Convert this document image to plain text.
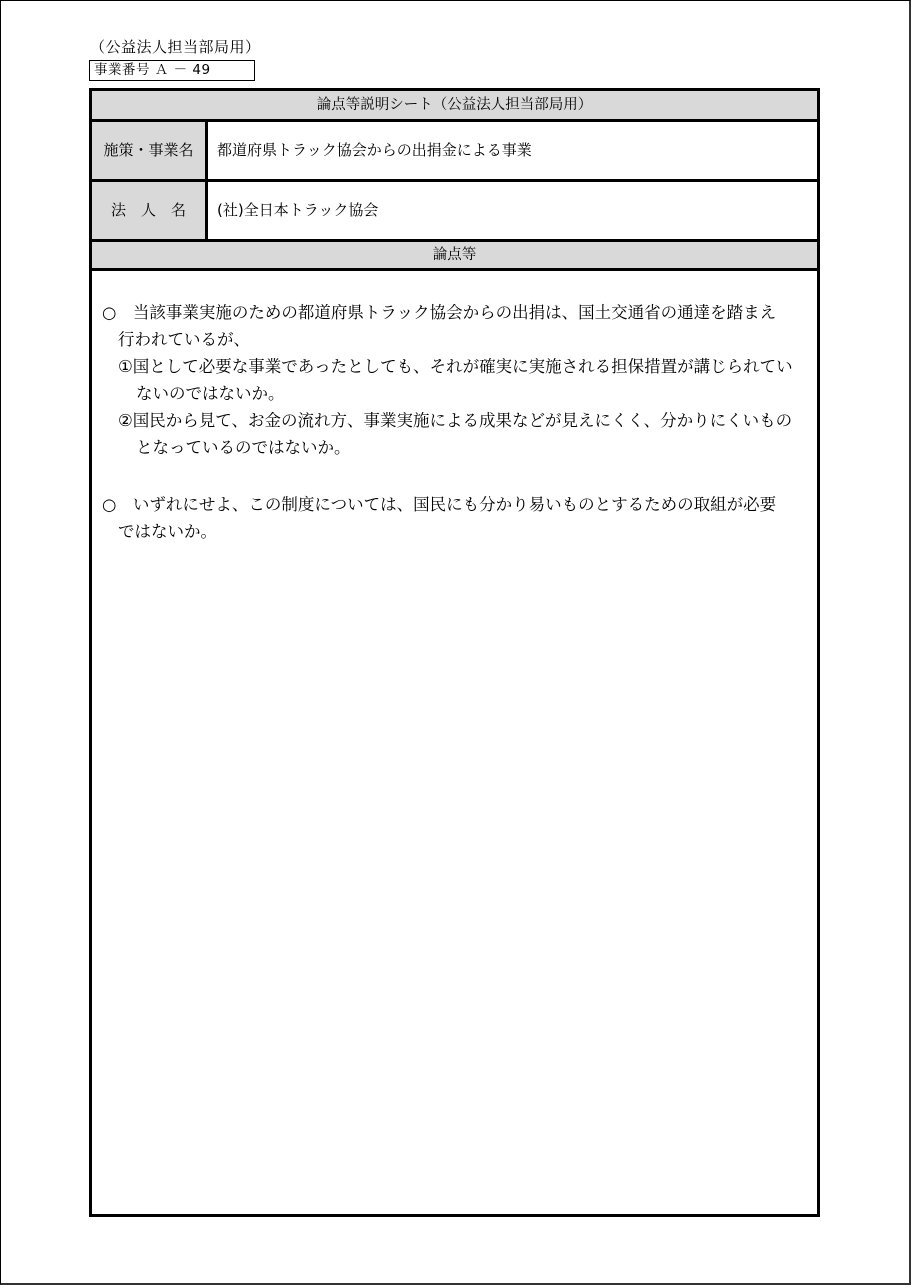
（公益法人担当部局用）
事業番号 Ａ － 49
論点等説明シート（公益法人担当部局用）
施策・事業名	都道府県トラック協会からの出捐金による事業
法　人　名	(社)全日本トラック協会
論点等
○　当該事業実施のための都道府県トラック協会からの出捐は、国土交通省の通達を踏まえ
行われているが、
①国として必要な事業であったとしても、それが確実に実施される担保措置が講じられてい
ないのではないか。
②国民から見て、お金の流れ方、事業実施による成果などが見えにくく、分かりにくいもの
となっているのではないか。
○　いずれにせよ、この制度については、国民にも分かり易いものとするための取組が必要
ではないか。
